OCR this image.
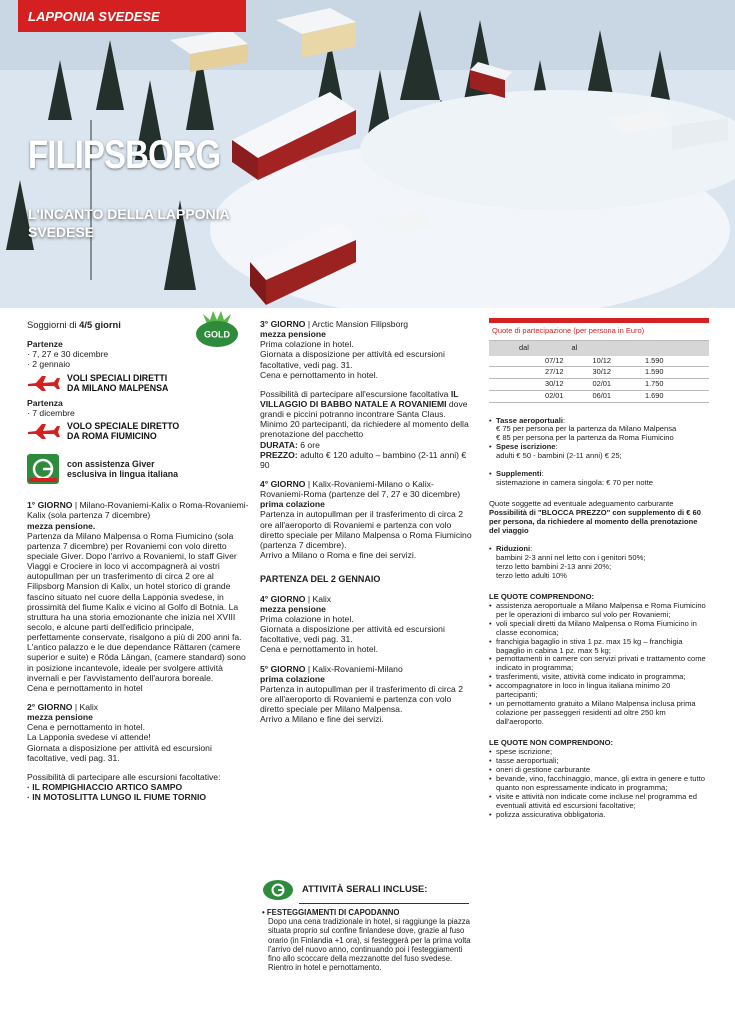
LAPPONIA SVEDESE
FILIPSBORG
L'INCANTO DELLA LAPPONIA SVEDESE
GOLD

Soggiorni di 4/5 giorni

Partenze

· 7, 27 e 30 dicembre

· 2 gennaio

VOLI SPECIALI DIRETTI

DA MILANO MALPENSA

Partenza

· 7 dicembre

VOLO SPECIALE DIRETTO

DA ROMA FIUMICINO

con assistenza Giver

esclusiva in lingua italiana

1° GIORNO | Milano-Rovaniemi-Kalix o Roma-Rovaniemi-Kalix (sola partenza 7 dicembre)

mezza pensione.

Partenza da Milano Malpensa o Roma Fiumicino (sola partenza 7 dicembre) per Rovaniemi con volo diretto speciale Giver. Dopo l'arrivo a Rovaniemi, lo staff Giver Viaggi e Crociere in loco vi accompagnerà ai vostri autopullman per un trasferimento di circa 2 ore al Filipsborg Mansion di Kalix, un hotel storico di grande fascino situato nel cuore della Lapponia svedese, in prossimità del fiume Kalix e vicino al Golfo di Botnia. La struttura ha una storia emozionante che inizia nel XVIII secolo, e alcune parti dell'edificio principale, perfettamente conservate, risalgono a più di 200 anni fa. L'antico palazzo e le due dependance Rättaren (camere superior e suite) e Röda Längan, (camere standard) sono in posizione incantevole, ideale per svolgere attività invernali e per l'avvistamento dell'aurora boreale.

Cena e pernottamento in hotel

2° GIORNO | Kalix

mezza pensione

Cena e pernottamento in hotel.

La Lapponia svedese vi attende!

Giornata a disposizione per attività ed escursioni facoltative, vedi pag. 31.

Possibilità di partecipare alle escursioni facoltative:

· IL ROMPIGHIACCIO ARTICO SAMPO

· IN MOTOSLITTA LUNGO IL FIUME TORNIO

3° GIORNO | Arctic Mansion Filipsborg

mezza pensione

Prima colazione in hotel.

Giornata a disposizione per attività ed escursioni facoltative, vedi pag. 31.

Cena e pernottamento in hotel.

Possibilità di partecipare all'escursione facoltativa IL VILLAGGIO DI BABBO NATALE A ROVANIEMI dove grandi e piccini potranno incontrare Santa Claus. Minimo 20 partecipanti, da richiedere al momento della prenotazione del pacchetto

DURATA: 6 ore

PREZZO: adulto € 120 adulto – bambino (2-11 anni) € 90

4° GIORNO | Kalix-Rovaniemi-Milano o Kalix-Rovaniemi-Roma (partenze del 7, 27 e 30 dicembre)

prima colazione

Partenza in autopullman per il trasferimento di circa 2 ore all'aeroporto di Rovaniemi e partenza con volo diretto speciale per Milano Malpensa o Roma Fiumicino (partenza 7 dicembre).

Arrivo a Milano o Roma e fine dei servizi.

PARTENZA DEL 2 GENNAIO

4° GIORNO | Kalix

mezza pensione

Prima colazione in hotel.

Giornata a disposizione per attività ed escursioni facoltative, vedi pag. 31.

Cena e pernottamento in hotel.

5° GIORNO | Kalix-Rovaniemi-Milano

prima colazione

Partenza in autopullman per il trasferimento di circa 2 ore all'aeroporto di Rovaniemi e partenza con volo diretto speciale per Milano Malpensa.

Arrivo a Milano e fine dei servizi.

ATTIVITÀ SERALI INCLUSE:

• FESTEGGIAMENTI DI CAPODANNO

Dopo una cena tradizionale in hotel, si raggiunge la piazza situata proprio sul confine finlandese dove, grazie al fuso orario (in Finlandia +1 ora), si festeggerà per la prima volta l'arrivo del nuovo anno, continuando poi i festeggiamenti fino allo scoccare della mezzanotte del fuso svedese. Rientro in hotel e pernottamento.

Quote di partecipazione (per persona in Euro)		
dal	al	
07/12	10/12	1.590
27/12	30/12	1.590
30/12	02/01	1.750
02/01	06/01	1.690
• Tasse aeroportuali:
€ 75 per persona per la partenza da Milano Malpensa
€ 85 per persona per la partenza da Roma Fiumicino
• Spese iscrizione:
adulti € 50 - bambini (2-11 anni) € 25;
• Supplementi:
sistemazione in camera singola: € 70 per notte

Quote soggette ad eventuale adeguamento carburante

Possibilità di "BLOCCA PREZZO" con supplemento di € 60 per persona, da richiedere al momento della prenotazione del viaggio

• Riduzioni:
bambini 2-3 anni nel letto con i genitori 50%;
terzo letto bambini 2-13 anni 20%;
terzo letto adulti 10%

LE QUOTE COMPRENDONO:

• assistenza aeroportuale a Milano Malpensa e Roma Fiumicino per le operazioni di imbarco sul volo per Rovaniemi;
• voli speciali diretti da Milano Malpensa o Roma Fiumicino in classe economica;
• franchigia bagaglio in stiva 1 pz. max 15 kg – franchigia bagaglio in cabina 1 pz. max 5 kg;
• pernottamenti in camere con servizi privati e trattamento come indicato in programma;
• trasferimenti, visite, attività come indicato in programma;
• accompagnatore in loco in lingua italiana minimo 20 partecipanti;
• un pernottamento gratuito a Milano Malpensa inclusa prima colazione per passeggeri residenti ad oltre 250 km dall'aeroporto.

LE QUOTE NON COMPRENDONO:

• spese iscrizione;
• tasse aeroportuali;
• oneri di gestione carburante
• bevande, vino, facchinaggio, mance, gli extra in genere e tutto quanto non espressamente indicato in programma;
• visite e attività non indicate come incluse nel programma ed eventuali attività ed escursioni facoltative;
• polizza assicurativa obbligatoria.
